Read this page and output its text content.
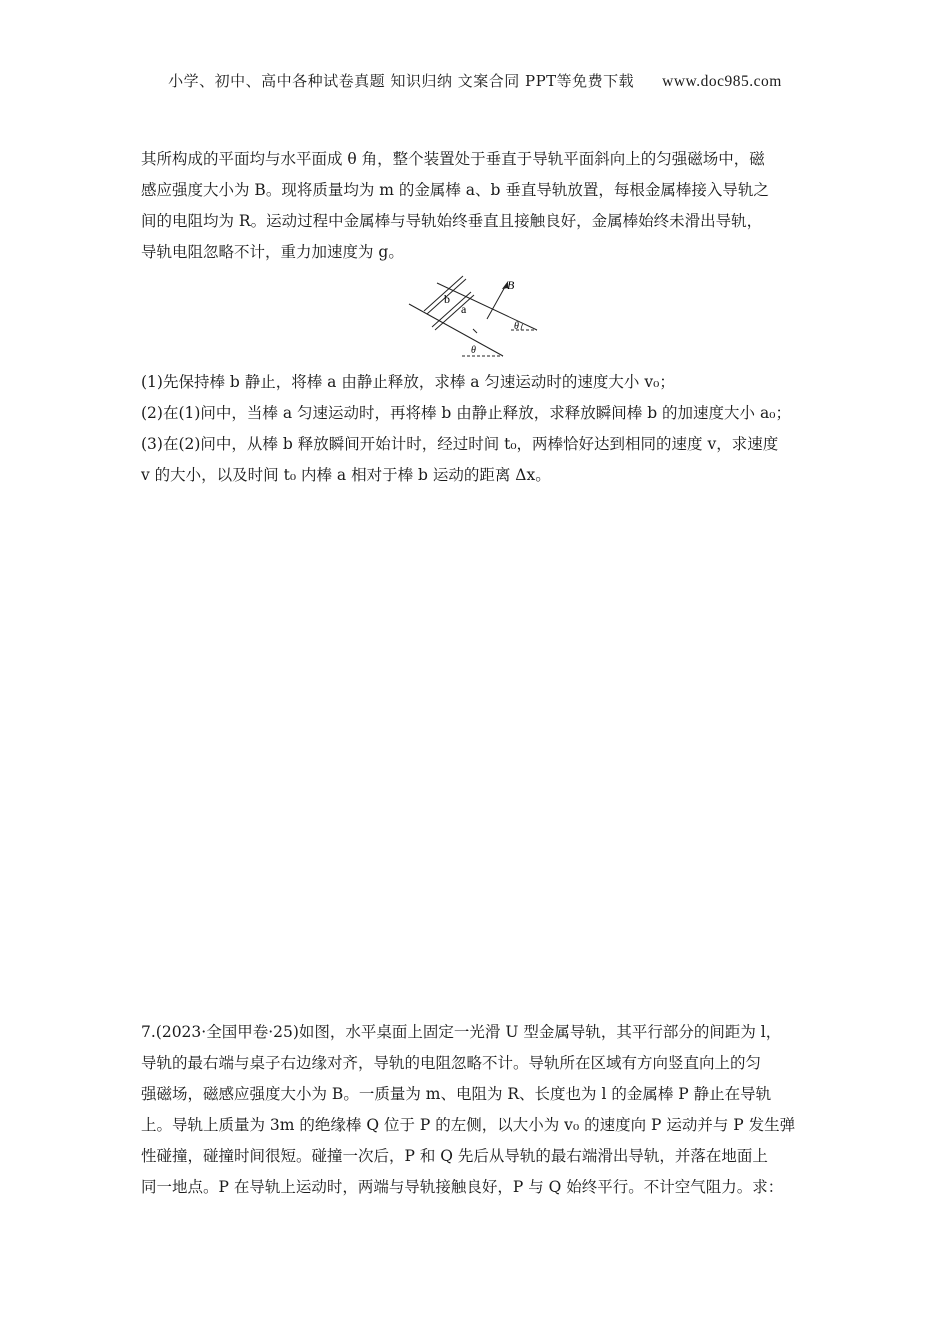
小学、初中、高中各种试卷真题 知识归纳 文案合同 PPT等免费下载 www.doc985.com

其所构成的平面均与水平面成 θ 角，整个装置处于垂直于导轨平面斜向上的匀强磁场中，磁
感应强度大小为 B。现将质量均为 m 的金属棒 a、b 垂直导轨放置，每根金属棒接入导轨之
间的电阻均为 R。运动过程中金属棒与导轨始终垂直且接触良好，金属棒始终未滑出导轨，
导轨电阻忽略不计，重力加速度为 g。

B
b
a
θ
θ

(1)先保持棒 b 静止，将棒 a 由静止释放，求棒 a 匀速运动时的速度大小 v₀；
(2)在(1)问中，当棒 a 匀速运动时，再将棒 b 由静止释放，求释放瞬间棒 b 的加速度大小 a₀；
(3)在(2)问中，从棒 b 释放瞬间开始计时，经过时间 t₀，两棒恰好达到相同的速度 v，求速度
v 的大小，以及时间 t₀ 内棒 a 相对于棒 b 运动的距离 Δx。

7.(2023·全国甲卷·25)如图，水平桌面上固定一光滑 U 型金属导轨，其平行部分的间距为 l，
导轨的最右端与桌子右边缘对齐，导轨的电阻忽略不计。导轨所在区域有方向竖直向上的匀
强磁场，磁感应强度大小为 B。一质量为 m、电阻为 R、长度也为 l 的金属棒 P 静止在导轨
上。导轨上质量为 3m 的绝缘棒 Q 位于 P 的左侧，以大小为 v₀ 的速度向 P 运动并与 P 发生弹
性碰撞，碰撞时间很短。碰撞一次后，P 和 Q 先后从导轨的最右端滑出导轨，并落在地面上
同一地点。P 在导轨上运动时，两端与导轨接触良好，P 与 Q 始终平行。不计空气阻力。求：
